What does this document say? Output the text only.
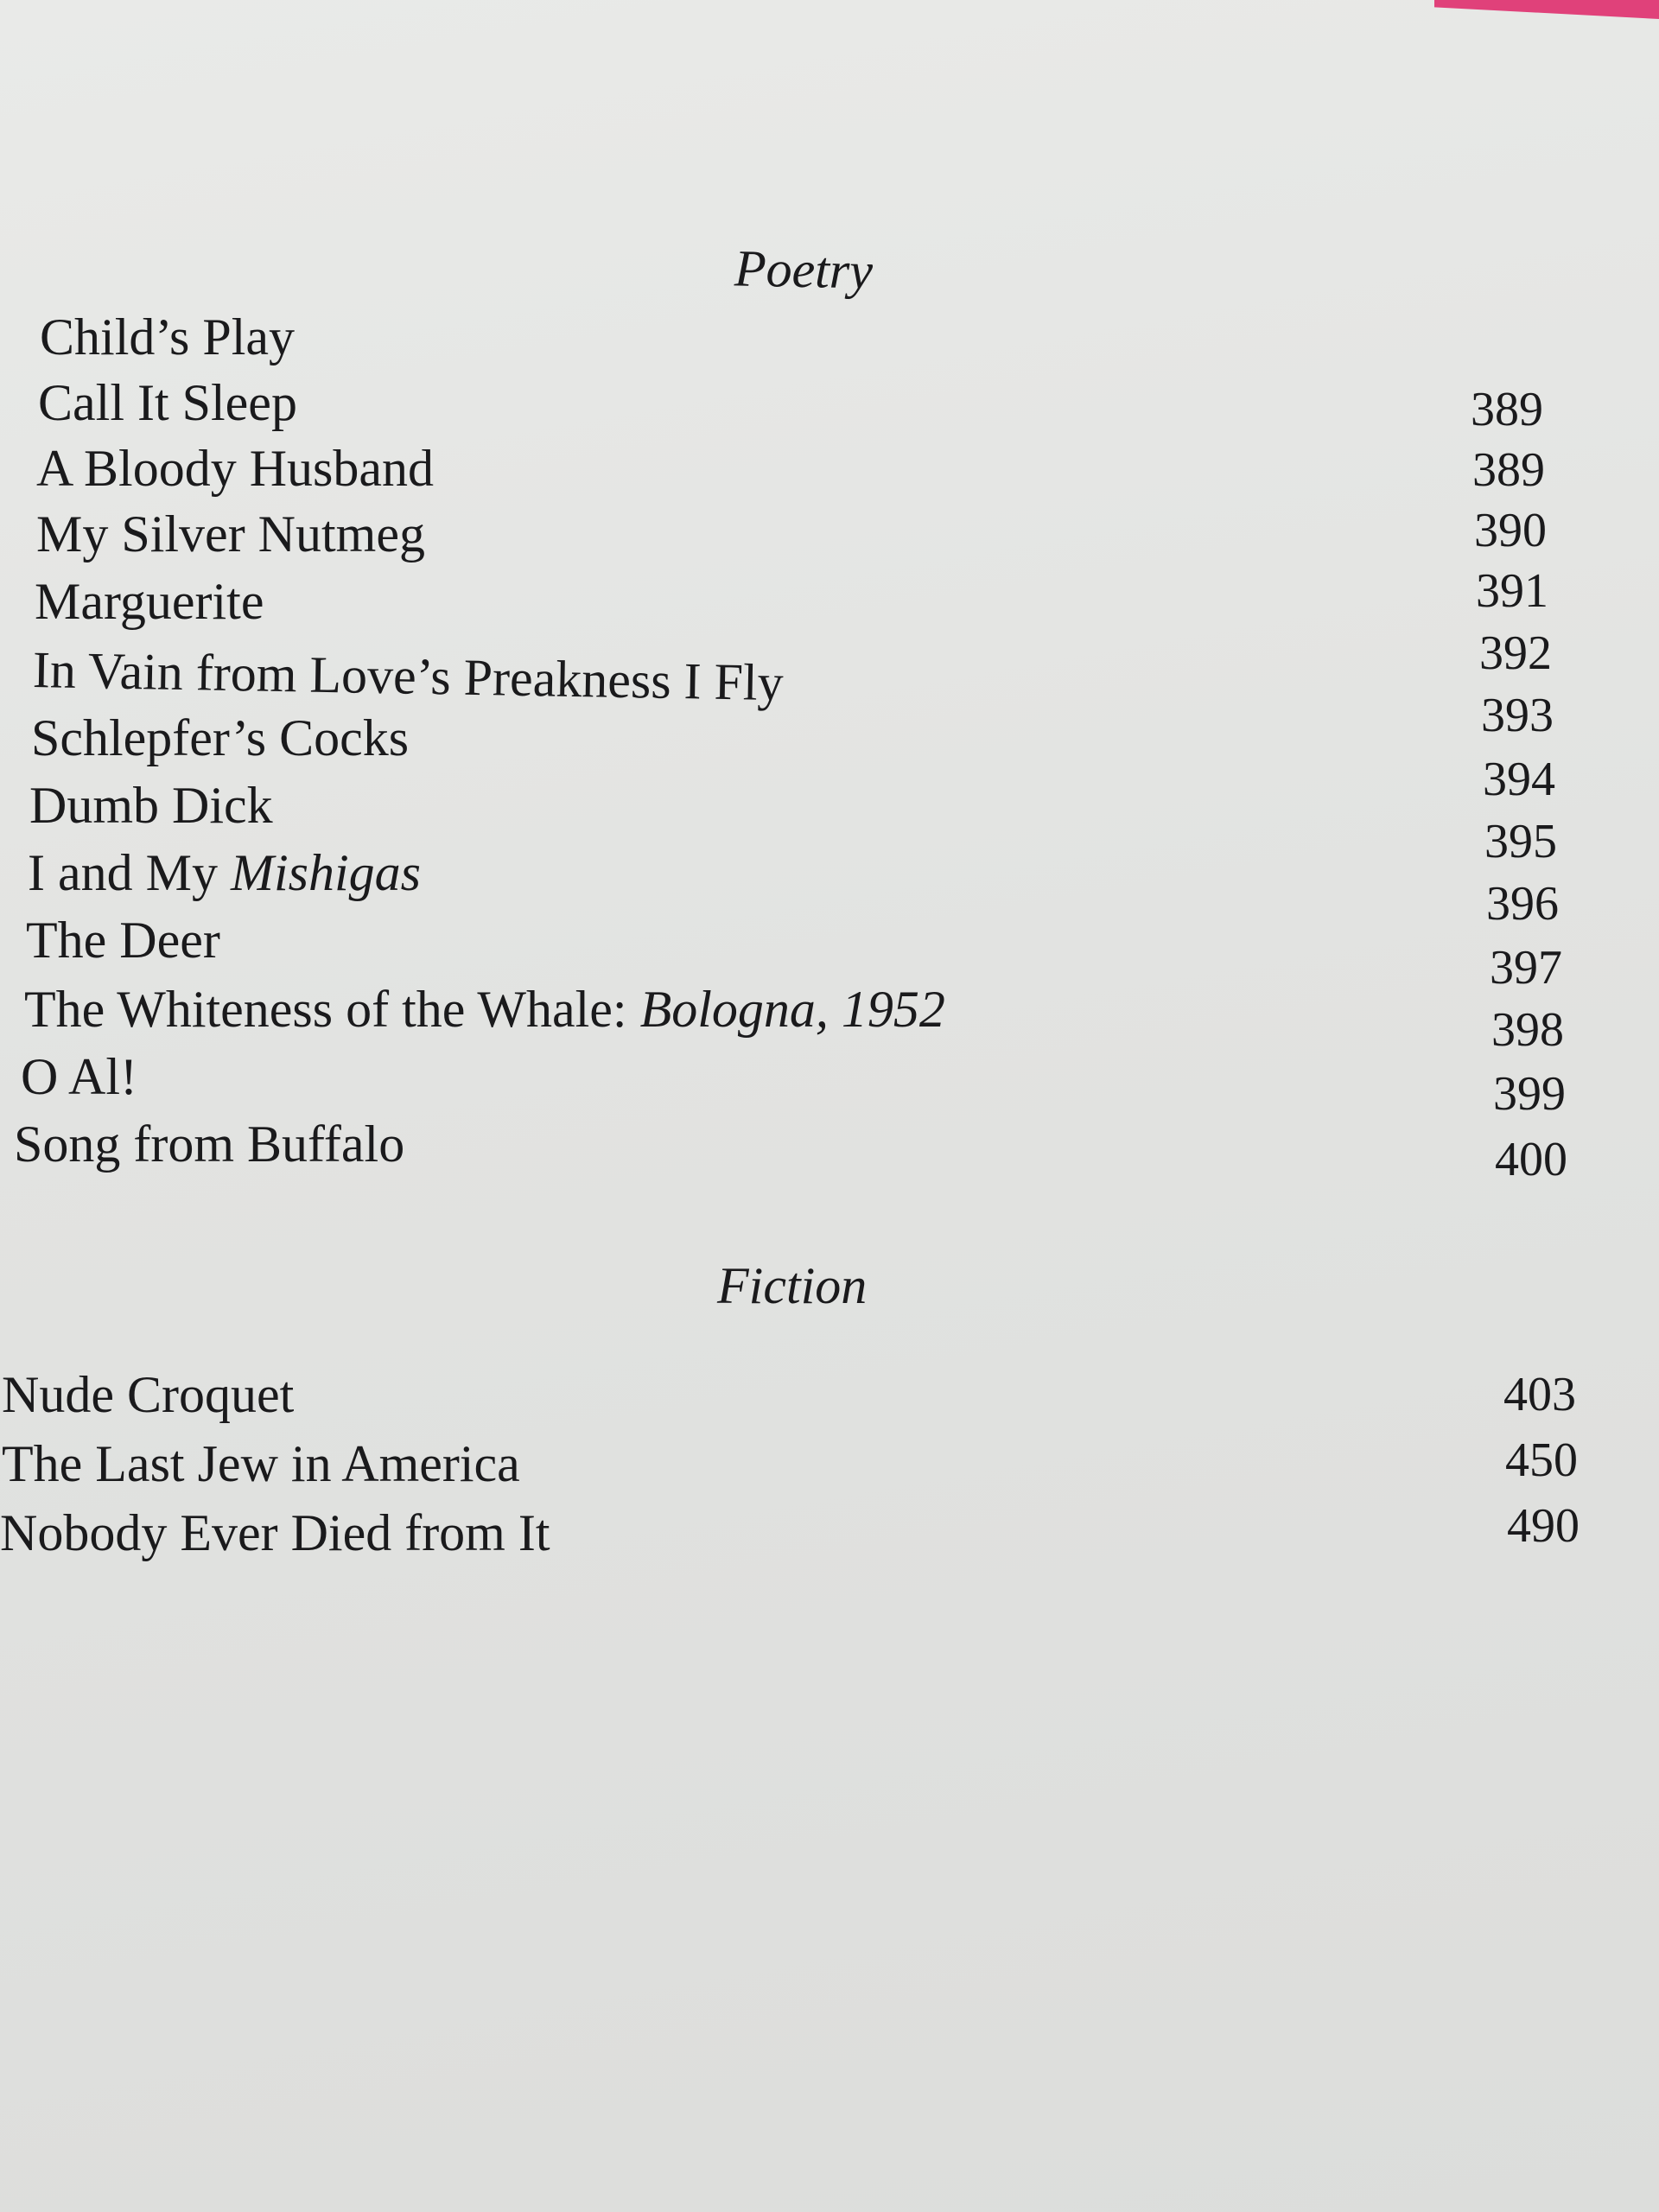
Poetry
Child’s Play
Call It Sleep
A Bloody Husband
My Silver Nutmeg
Marguerite
In Vain from Love’s Preakness I Fly
Schlepfer’s Cocks
Dumb Dick
I and My Mishigas
The Deer
The Whiteness of the Whale: Bologna, 1952
O Al!
Song from Buffalo
389
389
390
391
392
393
394
395
396
397
398
399
400
Fiction
Nude Croquet
The Last Jew in America
Nobody Ever Died from It
403
450
490
